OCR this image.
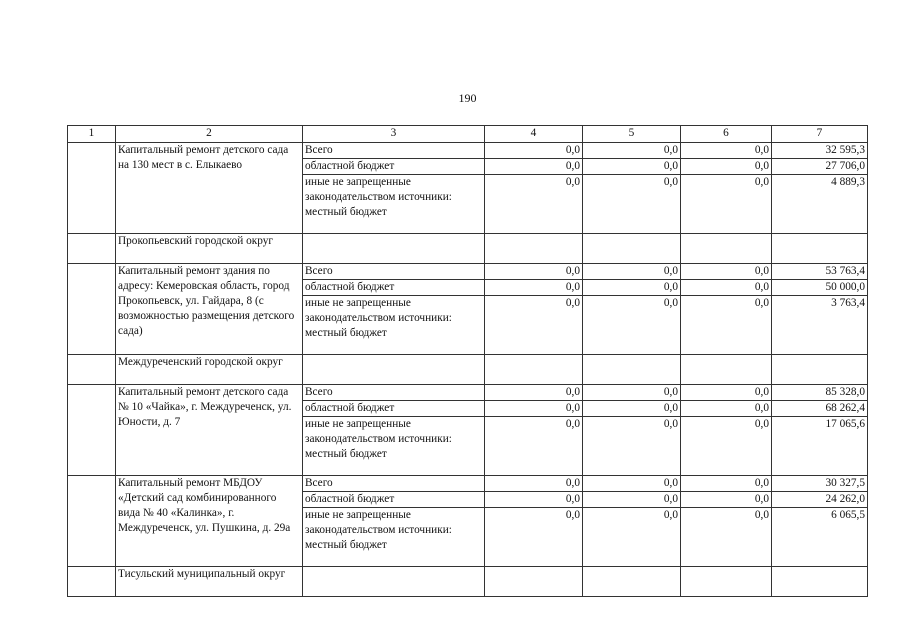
190
1	2	3	4	5	6	7
	Капитальный ремонт детского сада на 130 мест в с. Елыкаево	Всего	0,0	0,0	0,0	32 595,3
		областной бюджет	0,0	0,0	0,0	27 706,0
		иные не запрещенные законодательством источники: местный бюджет	0,0	0,0	0,0	4 889,3
	Прокопьевский городской округ					
	Капитальный ремонт здания по адресу: Кемеровская область, город Прокопьевск, ул. Гайдара, 8 (с возможностью размещения детского сада)	Всего	0,0	0,0	0,0	53 763,4
		областной бюджет	0,0	0,0	0,0	50 000,0
		иные не запрещенные законодательством источники: местный бюджет	0,0	0,0	0,0	3 763,4
	Междуреченский городской округ					
	Капитальный ремонт детского сада № 10 «Чайка», г. Междуреченск, ул. Юности, д. 7	Всего	0,0	0,0	0,0	85 328,0
		областной бюджет	0,0	0,0	0,0	68 262,4
		иные не запрещенные законодательством источники: местный бюджет	0,0	0,0	0,0	17 065,6
	Капитальный ремонт МБДОУ «Детский сад комбинированного вида № 40 «Калинка», г. Междуреченск, ул. Пушкина, д. 29а	Всего	0,0	0,0	0,0	30 327,5
		областной бюджет	0,0	0,0	0,0	24 262,0
		иные не запрещенные законодательством источники: местный бюджет	0,0	0,0	0,0	6 065,5
	Тисульский муниципальный округ					
